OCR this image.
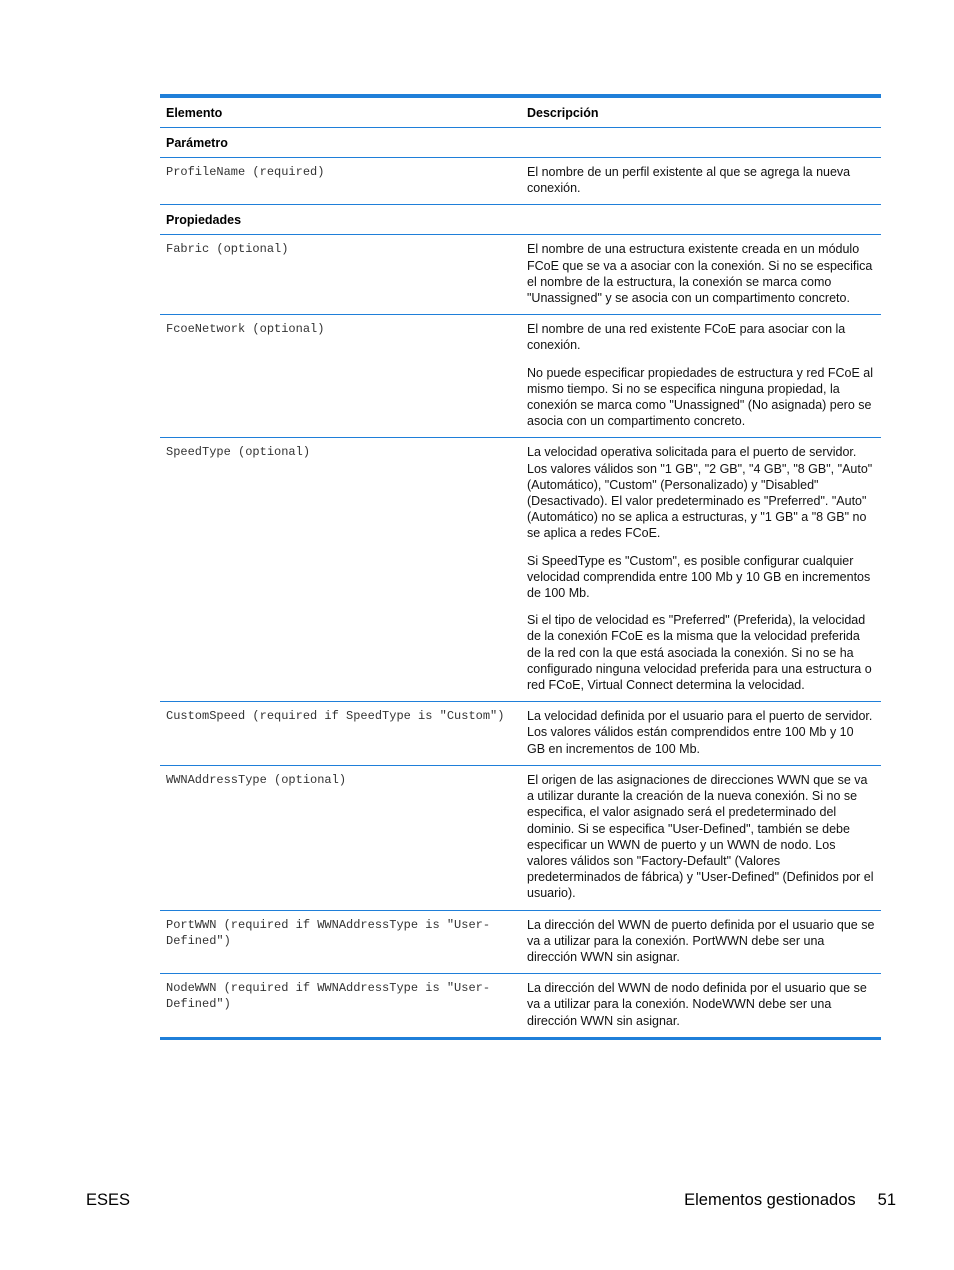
Elemento	Descripción
Parámetro	
ProfileName (required)	El nombre de un perfil existente al que se agrega la nueva conexión.

Propiedades	
Fabric (optional)	El nombre de una estructura existente creada en un módulo FCoE que se va a asociar con la conexión. Si no se especifica el nombre de la estructura, la conexión se marca como "Unassigned" y se asocia con un compartimento concreto.

FcoeNetwork (optional)	El nombre de una red existente FCoE para asociar con la conexión.

No puede especificar propiedades de estructura y red FCoE al mismo tiempo. Si no se especifica ninguna propiedad, la conexión se marca como "Unassigned" (No asignada) pero se asocia con un compartimento concreto.

SpeedType (optional)	La velocidad operativa solicitada para el puerto de servidor. Los valores válidos son "1 GB", "2 GB", "4 GB", "8 GB", "Auto" (Automático), "Custom" (Personalizado) y "Disabled" (Desactivado). El valor predeterminado es "Preferred". "Auto" (Automático) no se aplica a estructuras, y "1 GB" a "8 GB" no se aplica a redes FCoE.

Si SpeedType es "Custom", es posible configurar cualquier velocidad comprendida entre 100 Mb y 10 GB en incrementos de 100 Mb.

Si el tipo de velocidad es "Preferred" (Preferida), la velocidad de la conexión FCoE es la misma que la velocidad preferida de la red con la que está asociada la conexión. Si no se ha configurado ninguna velocidad preferida para una estructura o red FCoE, Virtual Connect determina la velocidad.

CustomSpeed (required if SpeedType is "Custom")	La velocidad definida por el usuario para el puerto de servidor. Los valores válidos están comprendidos entre 100 Mb y 10 GB en incrementos de 100 Mb.

WWNAddressType (optional)	El origen de las asignaciones de direcciones WWN que se va a utilizar durante la creación de la nueva conexión. Si no se especifica, el valor asignado será el predeterminado del dominio. Si se especifica "User-Defined", también se debe especificar un WWN de puerto y un WWN de nodo. Los valores válidos son "Factory-Default" (Valores predeterminados de fábrica) y "User-Defined" (Definidos por el usuario).

PortWWN (required if WWNAddressType is "User-Defined")	La dirección del WWN de puerto definida por el usuario que se va a utilizar para la conexión. PortWWN debe ser una dirección WWN sin asignar.

NodeWWN (required if WWNAddressType is "User-Defined")	La dirección del WWN de nodo definida por el usuario que se va a utilizar para la conexión. NodeWWN debe ser una dirección WWN sin asignar.

ESES	Elementos gestionados 51
